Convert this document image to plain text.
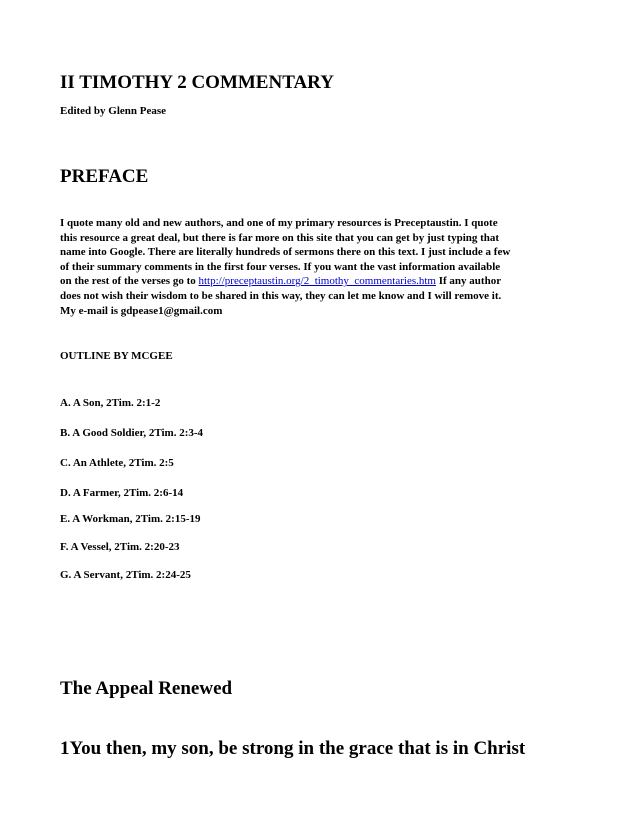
II TIMOTHY 2 COMMENTARY
Edited by Glenn Pease
PREFACE
I quote many old and new authors, and one of my primary resources is Preceptaustin. I quote
this resource a great deal, but there is far more on this site that you can get by just typing that
name into Google. There are literally hundreds of sermons there on this text. I just include a few
of their summary comments in the first four verses. If you want the vast information available
on the rest of the verses go to http://preceptaustin.org/2_timothy_commentaries.htm If any author
does not wish their wisdom to be shared in this way, they can let me know and I will remove it.
My e-mail is gdpease1@gmail.com
OUTLINE BY MCGEE
A. A Son, 2Tim. 2:1-2
B. A Good Soldier, 2Tim. 2:3-4
C. An Athlete, 2Tim. 2:5
D. A Farmer, 2Tim. 2:6-14
E. A Workman, 2Tim. 2:15-19
F. A Vessel, 2Tim. 2:20-23
G. A Servant, 2Tim. 2:24-25
The Appeal Renewed
1You then, my son, be strong in the grace that is in Christ
